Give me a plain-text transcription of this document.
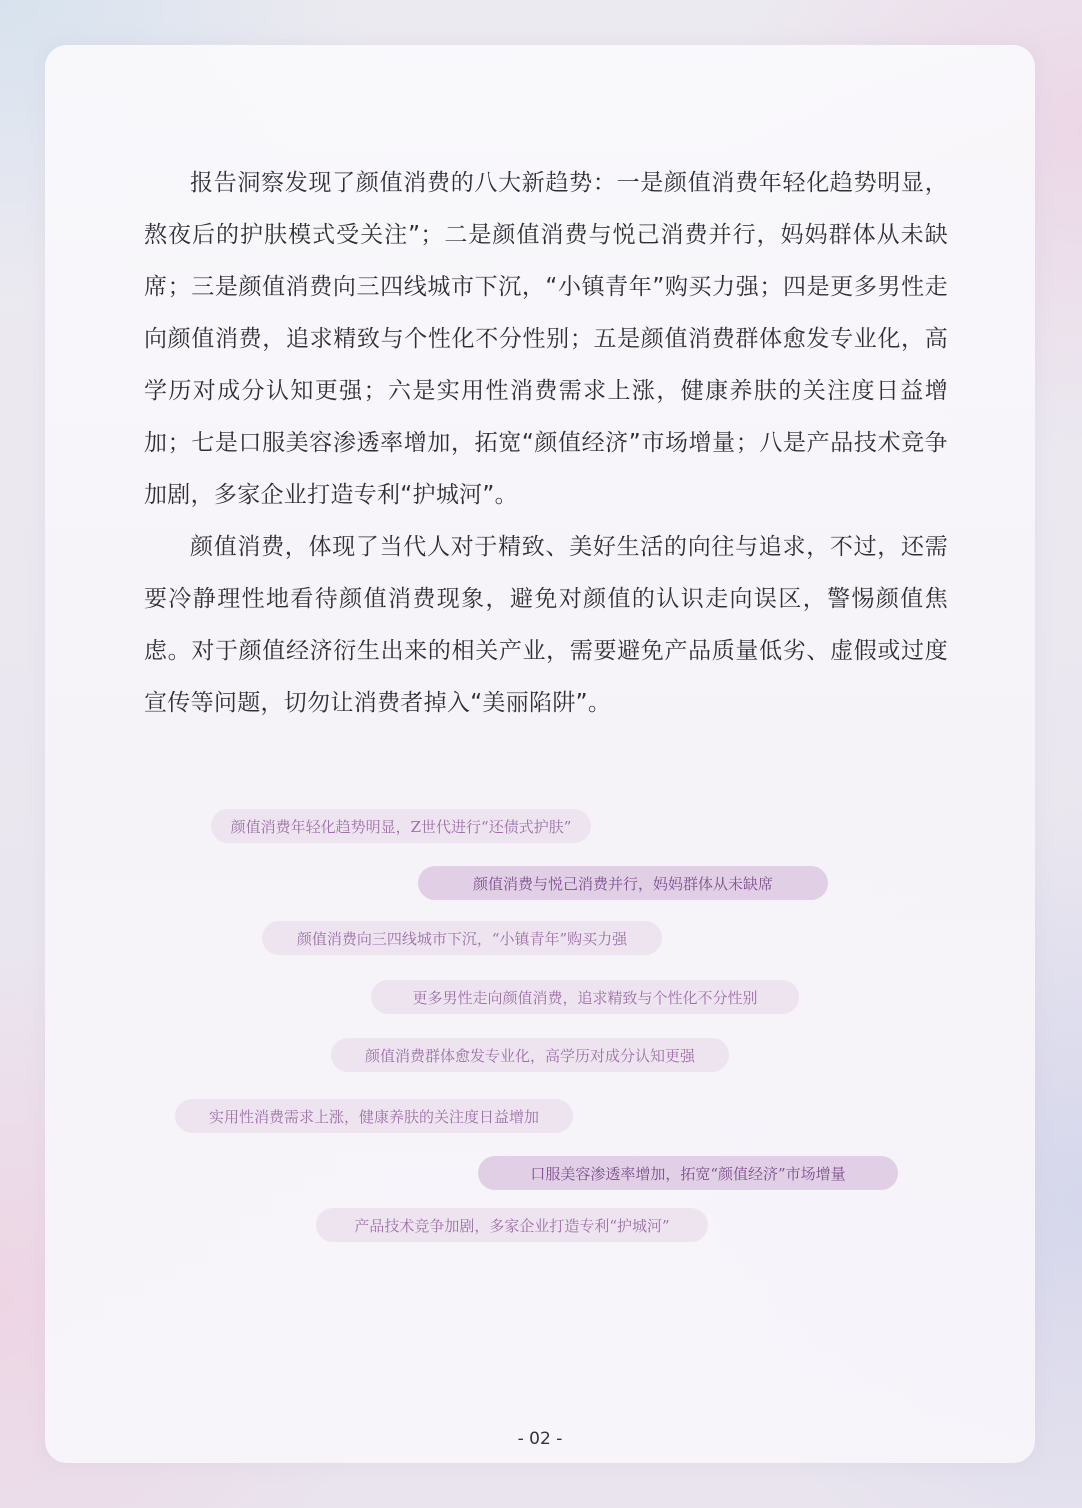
报告洞察发现了颜值消费的八大新趋势：一是颜值消费年轻化趋势明显，熬夜后的护肤模式受关注”；二是颜值消费与悦己消费并行，妈妈群体从未缺席；三是颜值消费向三四线城市下沉，“小镇青年”购买力强；四是更多男性走向颜值消费，追求精致与个性化不分性别；五是颜值消费群体愈发专业化，高学历对成分认知更强；六是实用性消费需求上涨，健康养肤的关注度日益增加；七是口服美容渗透率增加，拓宽“颜值经济”市场增量；八是产品技术竞争加剧，多家企业打造专利“护城河”。

颜值消费，体现了当代人对于精致、美好生活的向往与追求，不过，还需要冷静理性地看待颜值消费现象，避免对颜值的认识走向误区，警惕颜值焦虑。对于颜值经济衍生出来的相关产业，需要避免产品质量低劣、虚假或过度宣传等问题，切勿让消费者掉入“美丽陷阱”。

颜值消费年轻化趋势明显，Z世代进行“还债式护肤”
颜值消费与悦己消费并行，妈妈群体从未缺席
颜值消费向三四线城市下沉，“小镇青年”购买力强
更多男性走向颜值消费，追求精致与个性化不分性别
颜值消费群体愈发专业化，高学历对成分认知更强
实用性消费需求上涨，健康养肤的关注度日益增加
口服美容渗透率增加，拓宽“颜值经济”市场增量
产品技术竞争加剧，多家企业打造专利“护城河”
- 02 -
